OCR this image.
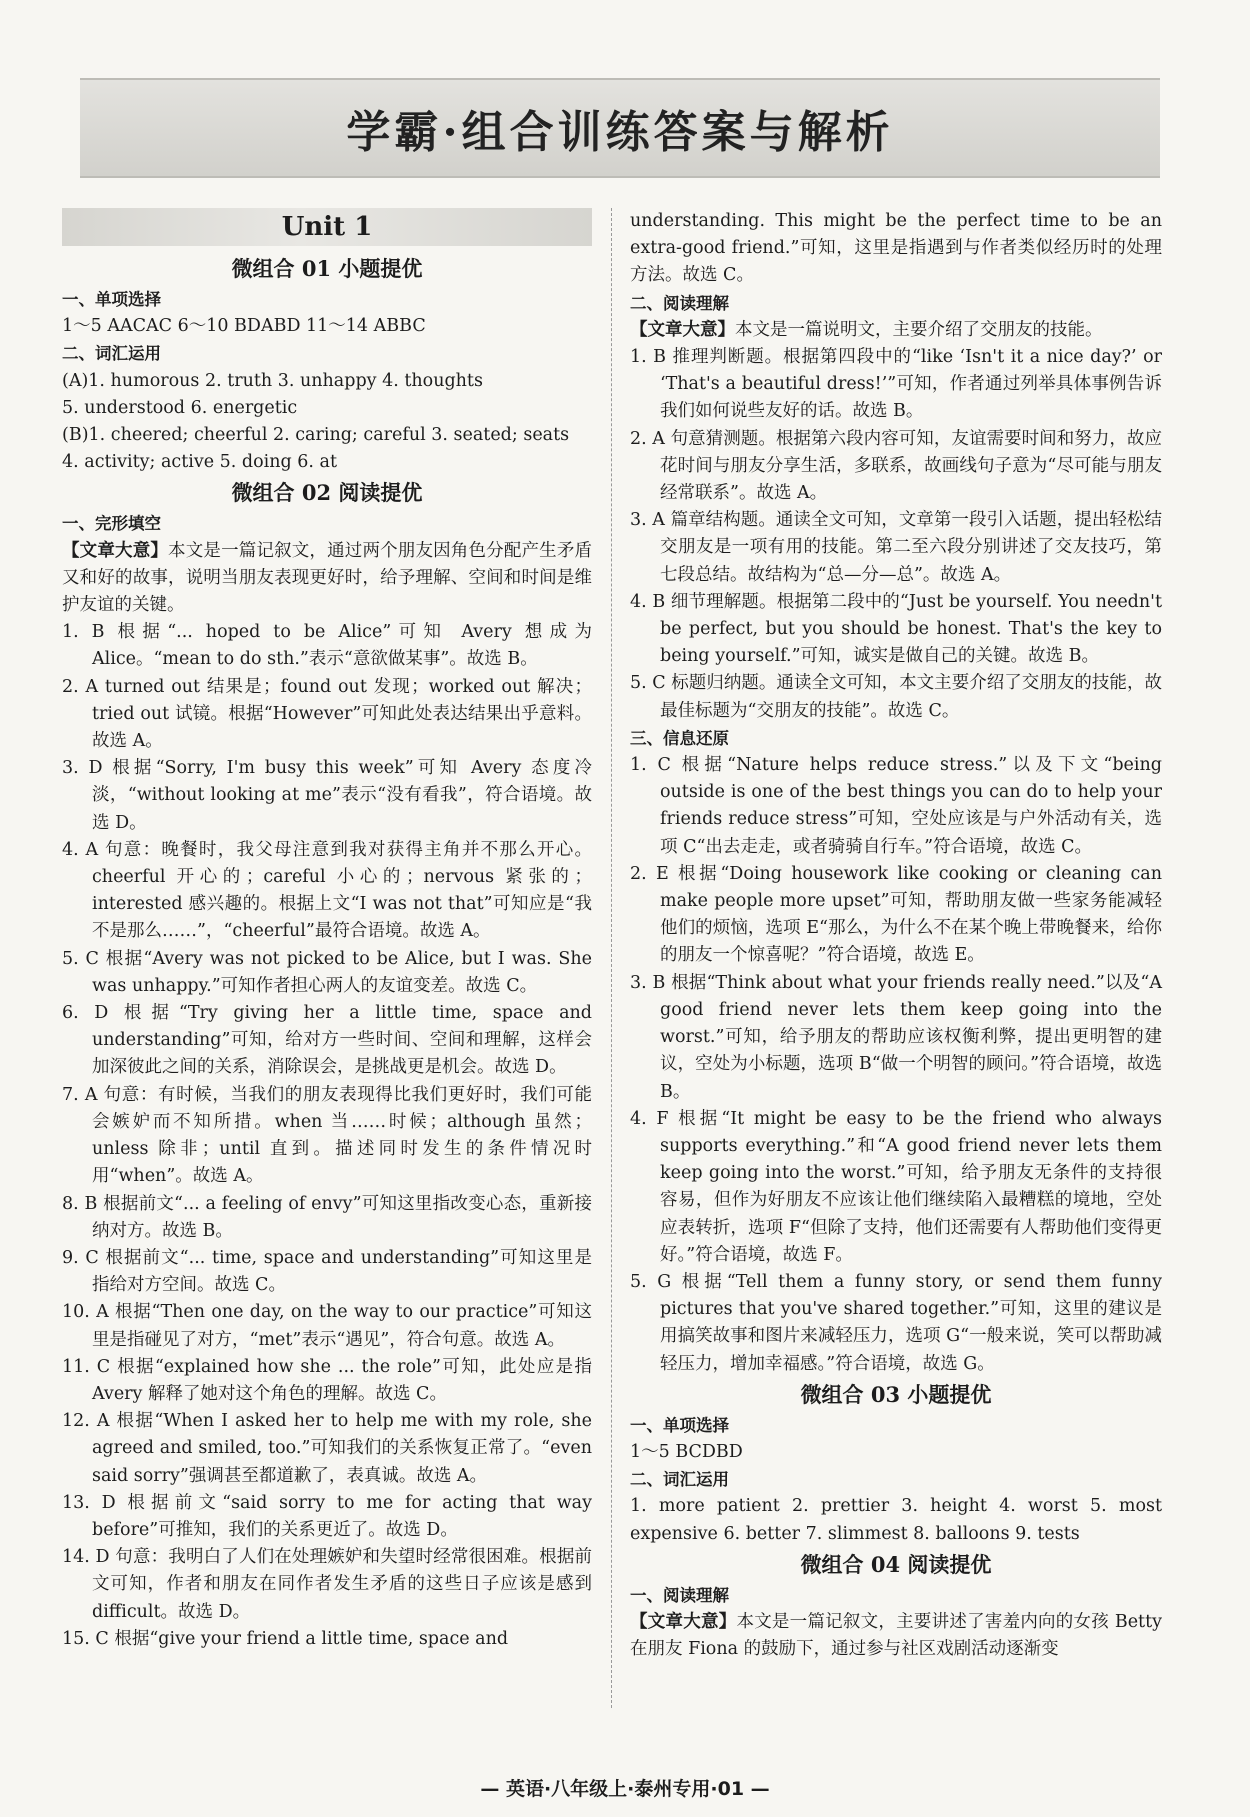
学霸·组合训练答案与解析
Unit 1
微组合 01 小题提优

一、单项选择

1～5 AACAC 6～10 BDABD 11～14 ABBC

二、词汇运用

(A)1. humorous 2. truth 3. unhappy 4. thoughts

5. understood 6. energetic

(B)1. cheered; cheerful 2. caring; careful 3. seated; seats

4. activity; active 5. doing 6. at

微组合 02 阅读提优

一、完形填空

【文章大意】本文是一篇记叙文，通过两个朋友因角色分配产生矛盾又和好的故事，说明当朋友表现更好时，给予理解、空间和时间是维护友谊的关键。

1. B 根据“... hoped to be Alice”可知 Avery 想成为 Alice。“mean to do sth.”表示“意欲做某事”。故选 B。

2. A turned out 结果是；found out 发现；worked out 解决；tried out 试镜。根据“However”可知此处表达结果出乎意料。故选 A。

3. D 根据“Sorry, I'm busy this week”可知 Avery 态度冷淡，“without looking at me”表示“没有看我”，符合语境。故选 D。

4. A 句意：晚餐时，我父母注意到我对获得主角并不那么开心。cheerful 开心的；careful 小心的；nervous 紧张的；interested 感兴趣的。根据上文“I was not that”可知应是“我不是那么……”，“cheerful”最符合语境。故选 A。

5. C 根据“Avery was not picked to be Alice, but I was. She was unhappy.”可知作者担心两人的友谊变差。故选 C。

6. D 根据“Try giving her a little time, space and understanding”可知，给对方一些时间、空间和理解，这样会加深彼此之间的关系，消除误会，是挑战更是机会。故选 D。

7. A 句意：有时候，当我们的朋友表现得比我们更好时，我们可能会嫉妒而不知所措。when 当……时候；although 虽然；unless 除非；until 直到。描述同时发生的条件情况时用“when”。故选 A。

8. B 根据前文“... a feeling of envy”可知这里指改变心态，重新接纳对方。故选 B。

9. C 根据前文“... time, space and understanding”可知这里是指给对方空间。故选 C。

10. A 根据“Then one day, on the way to our practice”可知这里是指碰见了对方，“met”表示“遇见”，符合句意。故选 A。

11. C 根据“explained how she ... the role”可知，此处应是指 Avery 解释了她对这个角色的理解。故选 C。

12. A 根据“When I asked her to help me with my role, she agreed and smiled, too.”可知我们的关系恢复正常了。“even said sorry”强调甚至都道歉了，表真诚。故选 A。

13. D 根据前文“said sorry to me for acting that way before”可推知，我们的关系更近了。故选 D。

14. D 句意：我明白了人们在处理嫉妒和失望时经常很困难。根据前文可知，作者和朋友在同作者发生矛盾的这些日子应该是感到 difficult。故选 D。

15. C 根据“give your friend a little time, space and

understanding. This might be the perfect time to be an extra-good friend.”可知，这里是指遇到与作者类似经历时的处理方法。故选 C。

二、阅读理解

【文章大意】本文是一篇说明文，主要介绍了交朋友的技能。

1. B 推理判断题。根据第四段中的“like ‘Isn't it a nice day?’ or ‘That's a beautiful dress!’”可知，作者通过列举具体事例告诉我们如何说些友好的话。故选 B。

2. A 句意猜测题。根据第六段内容可知，友谊需要时间和努力，故应花时间与朋友分享生活，多联系，故画线句子意为“尽可能与朋友经常联系”。故选 A。

3. A 篇章结构题。通读全文可知，文章第一段引入话题，提出轻松结交朋友是一项有用的技能。第二至六段分别讲述了交友技巧，第七段总结。故结构为“总—分—总”。故选 A。

4. B 细节理解题。根据第二段中的“Just be yourself. You needn't be perfect, but you should be honest. That's the key to being yourself.”可知，诚实是做自己的关键。故选 B。

5. C 标题归纳题。通读全文可知，本文主要介绍了交朋友的技能，故最佳标题为“交朋友的技能”。故选 C。

三、信息还原

1. C 根据“Nature helps reduce stress.”以及下文“being outside is one of the best things you can do to help your friends reduce stress”可知，空处应该是与户外活动有关，选项 C“出去走走，或者骑骑自行车。”符合语境，故选 C。

2. E 根据“Doing housework like cooking or cleaning can make people more upset”可知，帮助朋友做一些家务能减轻他们的烦恼，选项 E“那么，为什么不在某个晚上带晚餐来，给你的朋友一个惊喜呢？”符合语境，故选 E。

3. B 根据“Think about what your friends really need.”以及“A good friend never lets them keep going into the worst.”可知，给予朋友的帮助应该权衡利弊，提出更明智的建议，空处为小标题，选项 B“做一个明智的顾问。”符合语境，故选 B。

4. F 根据“It might be easy to be the friend who always supports everything.”和“A good friend never lets them keep going into the worst.”可知，给予朋友无条件的支持很容易，但作为好朋友不应该让他们继续陷入最糟糕的境地，空处应表转折，选项 F“但除了支持，他们还需要有人帮助他们变得更好。”符合语境，故选 F。

5. G 根据“Tell them a funny story, or send them funny pictures that you've shared together.”可知，这里的建议是用搞笑故事和图片来减轻压力，选项 G“一般来说，笑可以帮助减轻压力，增加幸福感。”符合语境，故选 G。

微组合 03 小题提优

一、单项选择

1～5 BCDBD

二、词汇运用

1. more patient 2. prettier 3. height 4. worst 5. most expensive 6. better 7. slimmest 8. balloons 9. tests

微组合 04 阅读提优

一、阅读理解

【文章大意】本文是一篇记叙文，主要讲述了害羞内向的女孩 Betty 在朋友 Fiona 的鼓励下，通过参与社区戏剧活动逐渐变

— 英语·八年级上·泰州专用·01 —
